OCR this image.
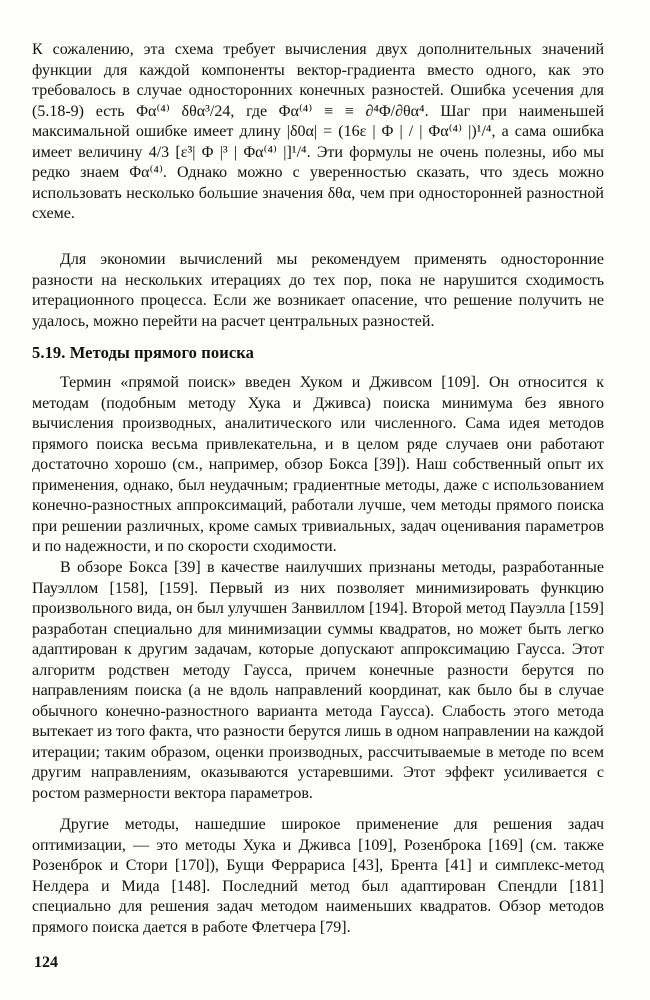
К сожалению, эта схема требует вычисления двух дополнительных значений функции для каждой компоненты вектор-градиента вместо одного, как это требовалось в случае односторонних конечных разностей. Ошибка усечения для (5.18-9) есть Φα⁽⁴⁾ δθα³/24, где Φα⁽⁴⁾ ≡ ≡ ∂⁴Φ/∂θα⁴. Шаг при наименьшей максимальной ошибке имеет длину |δ0α| = (16ε | Φ | / | Φα⁽⁴⁾ |)¹/⁴, а сама ошибка имеет величину 4/3 [ε³| Φ |³ | Φα⁽⁴⁾ |]¹/⁴. Эти формулы не очень полезны, ибо мы редко знаем Φα⁽⁴⁾. Однако можно с уверенностью сказать, что здесь можно использовать несколько большие значения δθα, чем при односторонней разностной схеме.

Для экономии вычислений мы рекомендуем применять односторонние разности на нескольких итерациях до тех пор, пока не нарушится сходимость итерационного процесса. Если же возникает опасение, что решение получить не удалось, можно перейти на расчет центральных разностей.

5.19. Методы прямого поиска

Термин «прямой поиск» введен Хуком и Дживсом [109]. Он относится к методам (подобным методу Хука и Дживса) поиска минимума без явного вычисления производных, аналитического или численного. Сама идея методов прямого поиска весьма привлекательна, и в целом ряде случаев они работают достаточно хорошо (см., например, обзор Бокса [39]). Наш собственный опыт их применения, однако, был неудачным; градиентные методы, даже с использованием конечно-разностных аппроксимаций, работали лучше, чем методы прямого поиска при решении различных, кроме самых тривиальных, задач оценивания параметров и по надежности, и по скорости сходимости.

В обзоре Бокса [39] в качестве наилучших признаны методы, разработанные Пауэллом [158], [159]. Первый из них позволяет минимизировать функцию произвольного вида, он был улучшен Занвиллом [194]. Второй метод Пауэлла [159] разработан специально для минимизации суммы квадратов, но может быть легко адаптирован к другим задачам, которые допускают аппроксимацию Гаусса. Этот алгоритм родствен методу Гаусса, причем конечные разности берутся по направлениям поиска (а не вдоль направлений координат, как было бы в случае обычного конечно-разностного варианта метода Гаусса). Слабость этого метода вытекает из того факта, что разности берутся лишь в одном направлении на каждой итерации; таким образом, оценки производных, рассчитываемые в методе по всем другим направлениям, оказываются устаревшими. Этот эффект усиливается с ростом размерности вектора параметров.

Другие методы, нашедшие широкое применение для решения задач оптимизации, — это методы Хука и Дживса [109], Розенброка [169] (см. также Розенброк и Стори [170]), Бущи Феррариса [43], Брента [41] и симплекс-метод Нелдера и Мида [148]. Последний метод был адаптирован Спендли [181] специально для решения задач методом наименьших квадратов. Обзор методов прямого поиска дается в работе Флетчера [79].

124
